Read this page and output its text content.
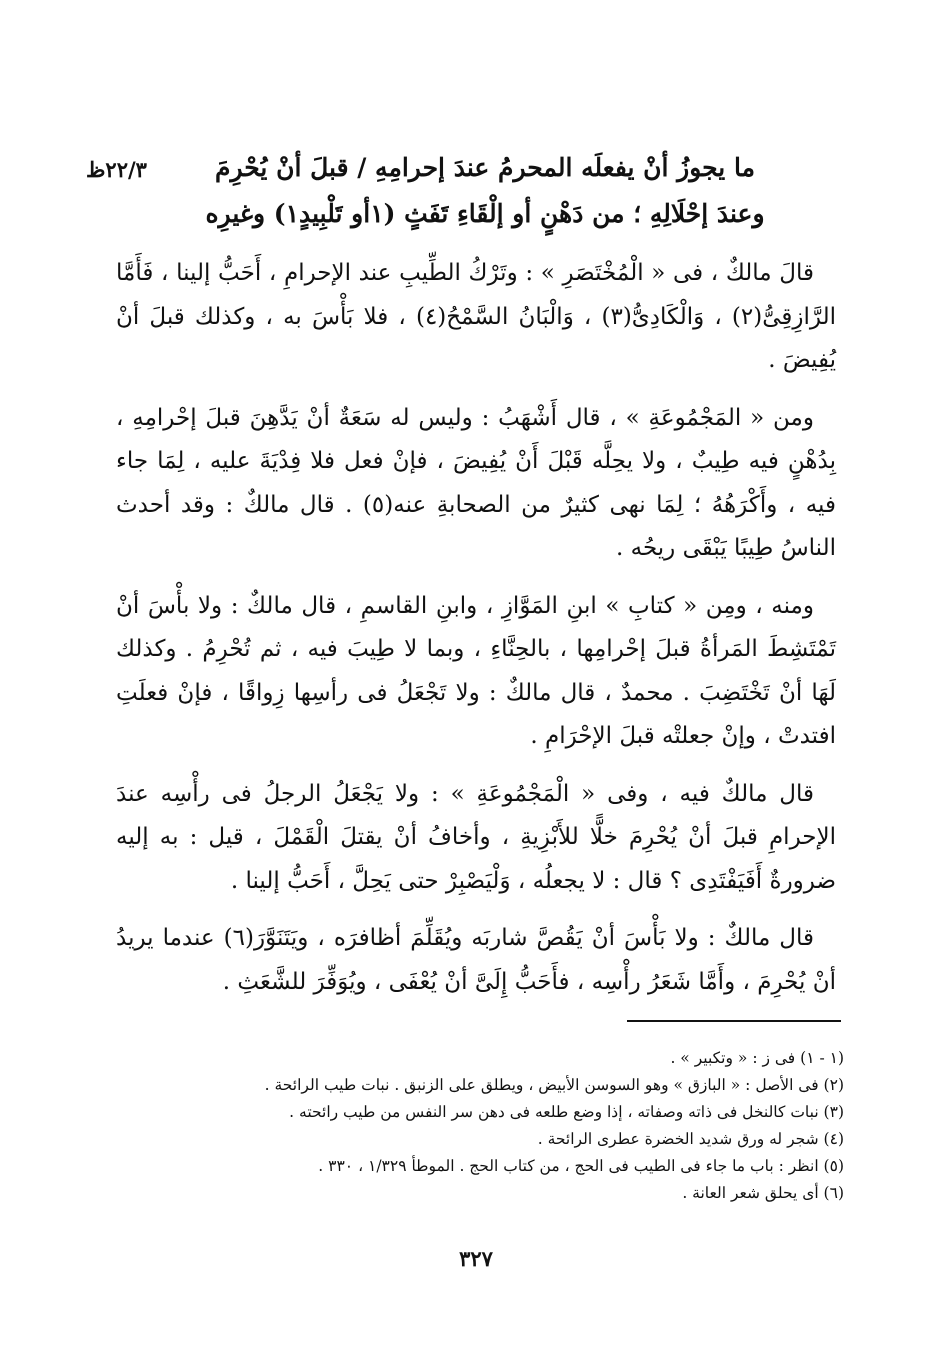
٢٢/٣ظ	ما يجوزُ أنْ يفعلَه المحرمُ عندَ إحرامِهِ / قبلَ أنْ يُحْرِمَ
وعندَ إحْلَالِهِ ؛ من دَهْنٍ أو إلْقَاءِ تَفَثٍ (١أو تَلْبِيدٍ١) وغيرِه

قالَ مالكٌ ، فى « الْمُخْتَصَرِ » : وتَرْكُ الطِّيبِ عند الإحرامِ ، أَحَبُّ إلينا ، فَأَمَّا الرَّازِقِىُّ(٢) ، وَالْكَادِىُّ(٣) ، وَالْبَانُ السَّمْحُ(٤) ، فلا بَأْسَ به ، وكذلك قبلَ أنْ يُفِيضَ .

ومن « المَجْمُوعَةِ » ، قال أَشْهَبُ : وليس له سَعَةٌ أنْ يَدَّهِنَ قبلَ إحْرامِهِ ، بِدُهْنٍ فيه طِيبٌ ، ولا يحِلَّه قَبْلَ أَنْ يُفِيضَ ، فإنْ فعل فلا فِدْيَةَ عليه ، لِمَا جاء فيه ، وأَكْرَهُهُ ؛ لِمَا نهى كثيرٌ من الصحابةِ عنه(٥) . قال مالكٌ : وقد أحدث الناسُ طِيبًا يَبْقَى ريحُه .

ومنه ، ومِن « كتابِ » ابنِ المَوَّازِ ، وابنِ القاسمِ ، قال مالكٌ : ولا بأْسَ أنْ تَمْتَشِطَ المَرأةُ قبلَ إحْرامِها ، بالحِنَّاءِ ، وبما لا طِيبَ فيه ، ثم تُحْرِمُ . وكذلك لَهَا أنْ تَخْتَضِبَ . محمدٌ ، قال مالكٌ : ولا تَجْعَلُ فى رأسِها زِواقًا ، فإنْ فعلَتِ افتدتْ ، وإنْ جعلتْه قبلَ الإحْرَامِ .

قال مالكٌ فيه ، وفى « الْمَجْمُوعَةِ » : ولا يَجْعَلُ الرجلُ فى رأْسِه عندَ الإحرامِ قبلَ أنْ يُحْرِمَ خلًّا للأَبْزِيةِ ، وأخافُ أنْ يقتلَ الْقَمْلَ ، قيل : به إليه ضرورةٌ أَفَيَفْتَدِى ؟ قال : لا يجعلُه ، وَلْيَصْبِرْ حتى يَحِلَّ ، أَحَبُّ إلينا .

قال مالكٌ : ولا بَأْسَ أنْ يَقُصَّ شاربَه ويُقَلِّمَ أظافرَه ، ويَتَنَوَّرَ(٦) عندما يريدُ أنْ يُحْرِمَ ، وأَمَّا شَعَرُ رأْسِه ، فأَحَبُّ إِلَىَّ أنْ يُعْفَى ، ويُوَفِّرَ للشَّعَثِ .

(١ - ١) فى ز : « وتكبير » .

(٢) فى الأصل : « البازق » وهو السوسن الأبيض ، ويطلق على الزنبق . نبات طيب الرائحة .

(٣) نبات كالنخل فى ذاته وصفاته ، إذا وضع طلعه فى دهن سر النفس من طيب رائحته .

(٤) شجر له ورق شديد الخضرة عطرى الرائحة .

(٥) انظر : باب ما جاء فى الطيب فى الحج ، من كتاب الحج . الموطأ ١/٣٢٩ ، ٣٣٠ .

(٦) أى يحلق شعر العانة .

٣٢٧
